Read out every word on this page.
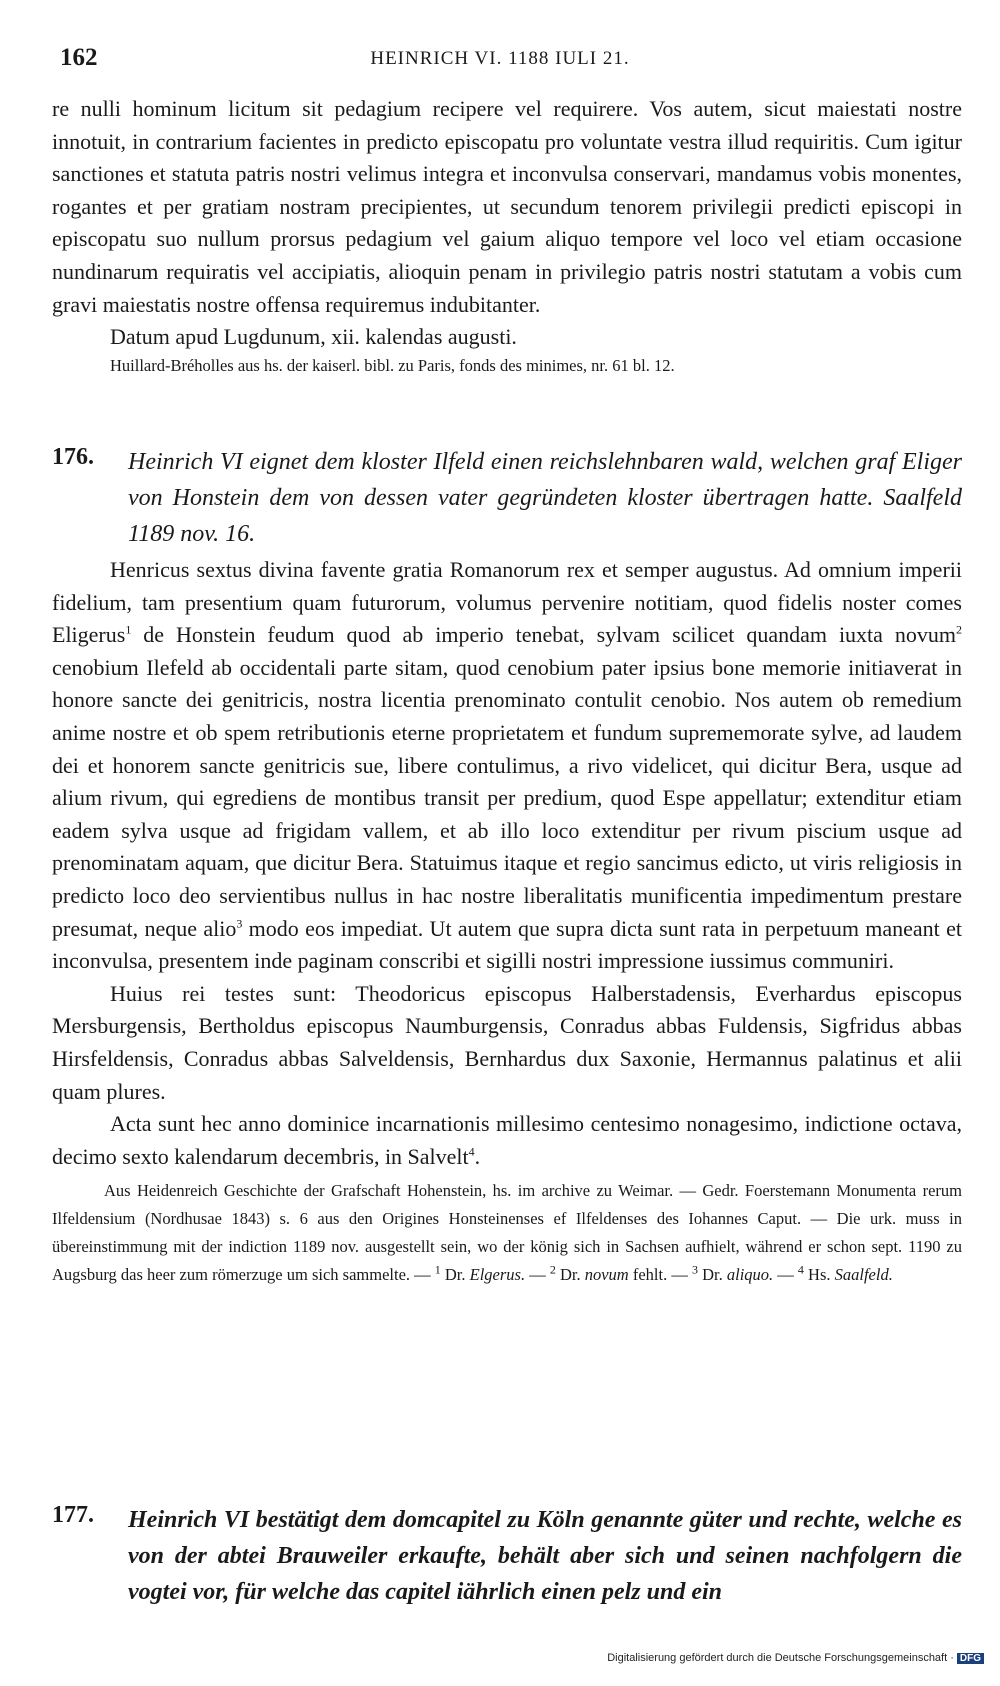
162	HEINRICH VI. 1188 IULI 21.

re nulli hominum licitum sit pedagium recipere vel requirere. Vos autem, sicut maiestati nostre innotuit, in contrarium facientes in predicto episcopatu pro voluntate vestra illud requiritis. Cum igitur sanctiones et statuta patris nostri velimus integra et inconvulsa conservari, mandamus vobis monentes, rogantes et per gratiam nostram precipientes, ut secundum tenorem privilegii predicti episcopi in episcopatu suo nullum prorsus pedagium vel gaium aliquo tempore vel loco vel etiam occasione nundinarum requiratis vel accipiatis, alioquin penam in privilegio patris nostri statutam a vobis cum gravi maiestatis nostre offensa requiremus indubitanter.

Datum apud Lugdunum, xii. kalendas augusti.

Huillard-Bréholles aus hs. der kaiserl. bibl. zu Paris, fonds des minimes, nr. 61 bl. 12.

176. Heinrich VI eignet dem kloster Ilfeld einen reichslehnbaren wald, welchen graf Eliger von Honstein dem von dessen vater gegründeten kloster übertragen hatte. Saalfeld 1189 nov. 16.

Henricus sextus divina favente gratia Romanorum rex et semper augustus. Ad omnium imperii fidelium, tam presentium quam futurorum, volumus pervenire notitiam, quod fidelis noster comes Eligerus$^1$ de Honstein feudum quod ab imperio tenebat, sylvam scilicet quandam iuxta novum$^2$ cenobium Ilefeld ab occidentali parte sitam, quod cenobium pater ipsius bone memorie initiaverat in honore sancte dei genitricis, nostra licentia prenominato contulit cenobio. Nos autem ob remedium anime nostre et ob spem retributionis eterne proprietatem et fundum suprememorate sylve, ad laudem dei et honorem sancte genitricis sue, libere contulimus, a rivo videlicet, qui dicitur Bera, usque ad alium rivum, qui egrediens de montibus transit per predium, quod Espe appellatur; extenditur etiam eadem sylva usque ad frigidam vallem, et ab illo loco extenditur per rivum piscium usque ad prenominatam aquam, que dicitur Bera. Statuimus itaque et regio sancimus edicto, ut viris religiosis in predicto loco deo servientibus nullus in hac nostre liberalitatis munificentia impedimentum prestare presumat, neque alio$^3$ modo eos impediat. Ut autem que supra dicta sunt rata in perpetuum maneant et inconvulsa, presentem inde paginam conscribi et sigilli nostri impressione iussimus communiri.

Huius rei testes sunt: Theodoricus episcopus Halberstadensis, Everhardus episcopus Mersburgensis, Bertholdus episcopus Naumburgensis, Conradus abbas Fuldensis, Sigfridus abbas Hirsfeldensis, Conradus abbas Salveldensis, Bernhardus dux Saxonie, Hermannus palatinus et alii quam plures.

Acta sunt hec anno dominice incarnationis millesimo centesimo nonagesimo, indictione octava, decimo sexto kalendarum decembris, in Salvelt$^4$.

Aus Heidenreich Geschichte der Grafschaft Hohenstein, hs. im archive zu Weimar. — Gedr. Foerstemann Monumenta rerum Ilfeldensium (Nordhusae 1843) s. 6 aus den Origines Honsteinenses ef Ilfeldenses des Iohannes Caput. — Die urk. muss in übereinstimmung mit der indiction 1189 nov. ausgestellt sein, wo der könig sich in Sachsen aufhielt, während er schon sept. 1190 zu Augsburg das heer zum römerzuge um sich sammelte. — $^1$ Dr. Elgerus. — $^2$ Dr. novum fehlt. — $^3$ Dr. aliquo. — $^4$ Hs. Saalfeld.

177. Heinrich VI bestätigt dem domcapitel zu Köln genannte güter und rechte, welche es von der abtei Brauweiler erkaufte, behält aber sich und seinen nachfolgern die vogtei vor, für welche das capitel iährlich einen pelz und ein
Digitalisierung gefördert durch die Deutsche Forschungsgemeinschaft · DFG
